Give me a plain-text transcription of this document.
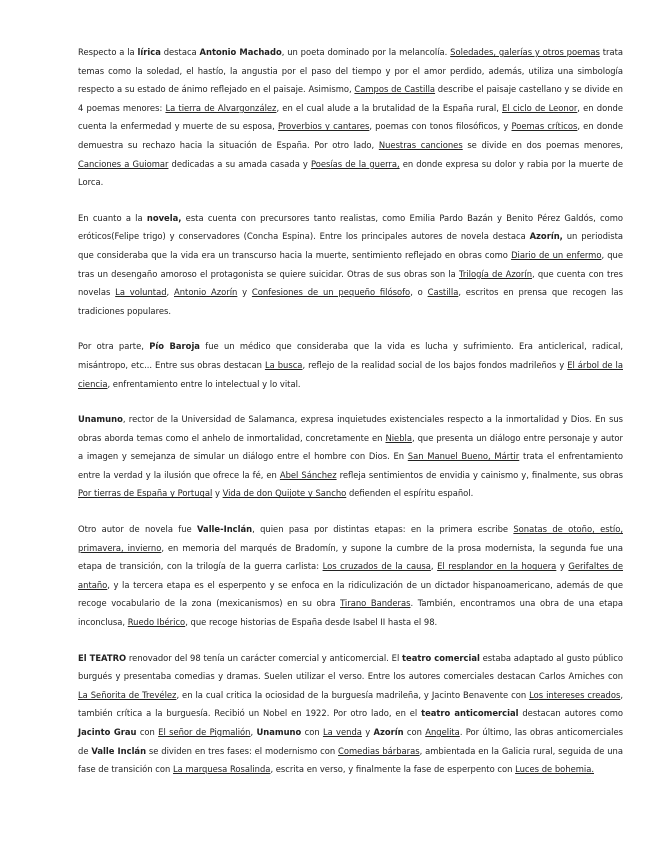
Respecto a la lírica destaca Antonio Machado, un poeta dominado por la melancolía. Soledades, galerías y otros poemas trata temas como la soledad, el hastío, la angustia por el paso del tiempo y por el amor perdido, además, utiliza una simbología respecto a su estado de ánimo reflejado en el paisaje. Asimismo, Campos de Castilla describe el paisaje castellano y se divide en 4 poemas menores: La tierra de Alvargonzález, en el cual alude a la brutalidad de la España rural, El ciclo de Leonor, en donde cuenta la enfermedad y muerte de su esposa, Proverbios y cantares, poemas con tonos filosóficos, y Poemas críticos, en donde demuestra su rechazo hacia la situación de España. Por otro lado, Nuestras canciones se divide en dos poemas menores, Canciones a Guiomar dedicadas a su amada casada y Poesías de la guerra, en donde expresa su dolor y rabia por la muerte de Lorca.

En cuanto a la novela, esta cuenta con precursores tanto realistas, como Emilia Pardo Bazán y Benito Pérez Galdós, como eróticos(Felipe trigo) y conservadores (Concha Espina). Entre los principales autores de novela destaca Azorín, un periodista que consideraba que la vida era un transcurso hacia la muerte, sentimiento reflejado en obras como Diario de un enfermo, que tras un desengaño amoroso el protagonista se quiere suicidar. Otras de sus obras son la Trilogía de Azorín, que cuenta con tres novelas La voluntad, Antonio Azorín y Confesiones de un pequeño filósofo, o Castilla, escritos en prensa que recogen las tradiciones populares.

Por otra parte, Pío Baroja fue un médico que consideraba que la vida es lucha y sufrimiento. Era anticlerical, radical, misántropo, etc... Entre sus obras destacan La busca, reflejo de la realidad social de los bajos fondos madrileños y El árbol de la ciencia, enfrentamiento entre lo intelectual y lo vital.

Unamuno, rector de la Universidad de Salamanca, expresa inquietudes existenciales respecto a la inmortalidad y Dios. En sus obras aborda temas como el anhelo de inmortalidad, concretamente en Niebla, que presenta un diálogo entre personaje y autor a imagen y semejanza de simular un diálogo entre el hombre con Dios. En San Manuel Bueno, Mártir trata el enfrentamiento entre la verdad y la ilusión que ofrece la fé, en Abel Sánchez refleja sentimientos de envidia y cainismo y, finalmente, sus obras Por tierras de España y Portugal y Vida de don Quijote y Sancho defienden el espíritu español.

Otro autor de novela fue Valle-Inclán, quien pasa por distintas etapas: en la primera escribe Sonatas de otoño, estío, primavera, invierno, en memoria del marqués de Bradomín, y supone la cumbre de la prosa modernista, la segunda fue una etapa de transición, con la trilogía de la guerra carlista: Los cruzados de la causa, El resplandor en la hoguera y Gerifaltes de antaño, y la tercera etapa es el esperpento y se enfoca en la ridiculización de un dictador hispanoamericano, además de que recoge vocabulario de la zona (mexicanismos) en su obra Tirano Banderas. También, encontramos una obra de una etapa inconclusa, Ruedo Ibérico, que recoge historias de España desde Isabel II hasta el 98.

El TEATRO renovador del 98 tenía un carácter comercial y anticomercial. El teatro comercial estaba adaptado al gusto público burgués y presentaba comedias y dramas. Suelen utilizar el verso. Entre los autores comerciales destacan Carlos Arniches con La Señorita de Trevélez, en la cual critica la ociosidad de la burguesía madrileña, y Jacinto Benavente con Los intereses creados, también crítica a la burguesía. Recibió un Nobel en 1922. Por otro lado, en el teatro anticomercial destacan autores como Jacinto Grau con El señor de Pigmalión, Unamuno con La venda y Azorín con Angelita. Por último, las obras anticomerciales de Valle Inclán se dividen en tres fases: el modernismo con Comedias bárbaras, ambientada en la Galicia rural, seguida de una fase de transición con La marquesa Rosalinda, escrita en verso, y finalmente la fase de esperpento con Luces de bohemia.
